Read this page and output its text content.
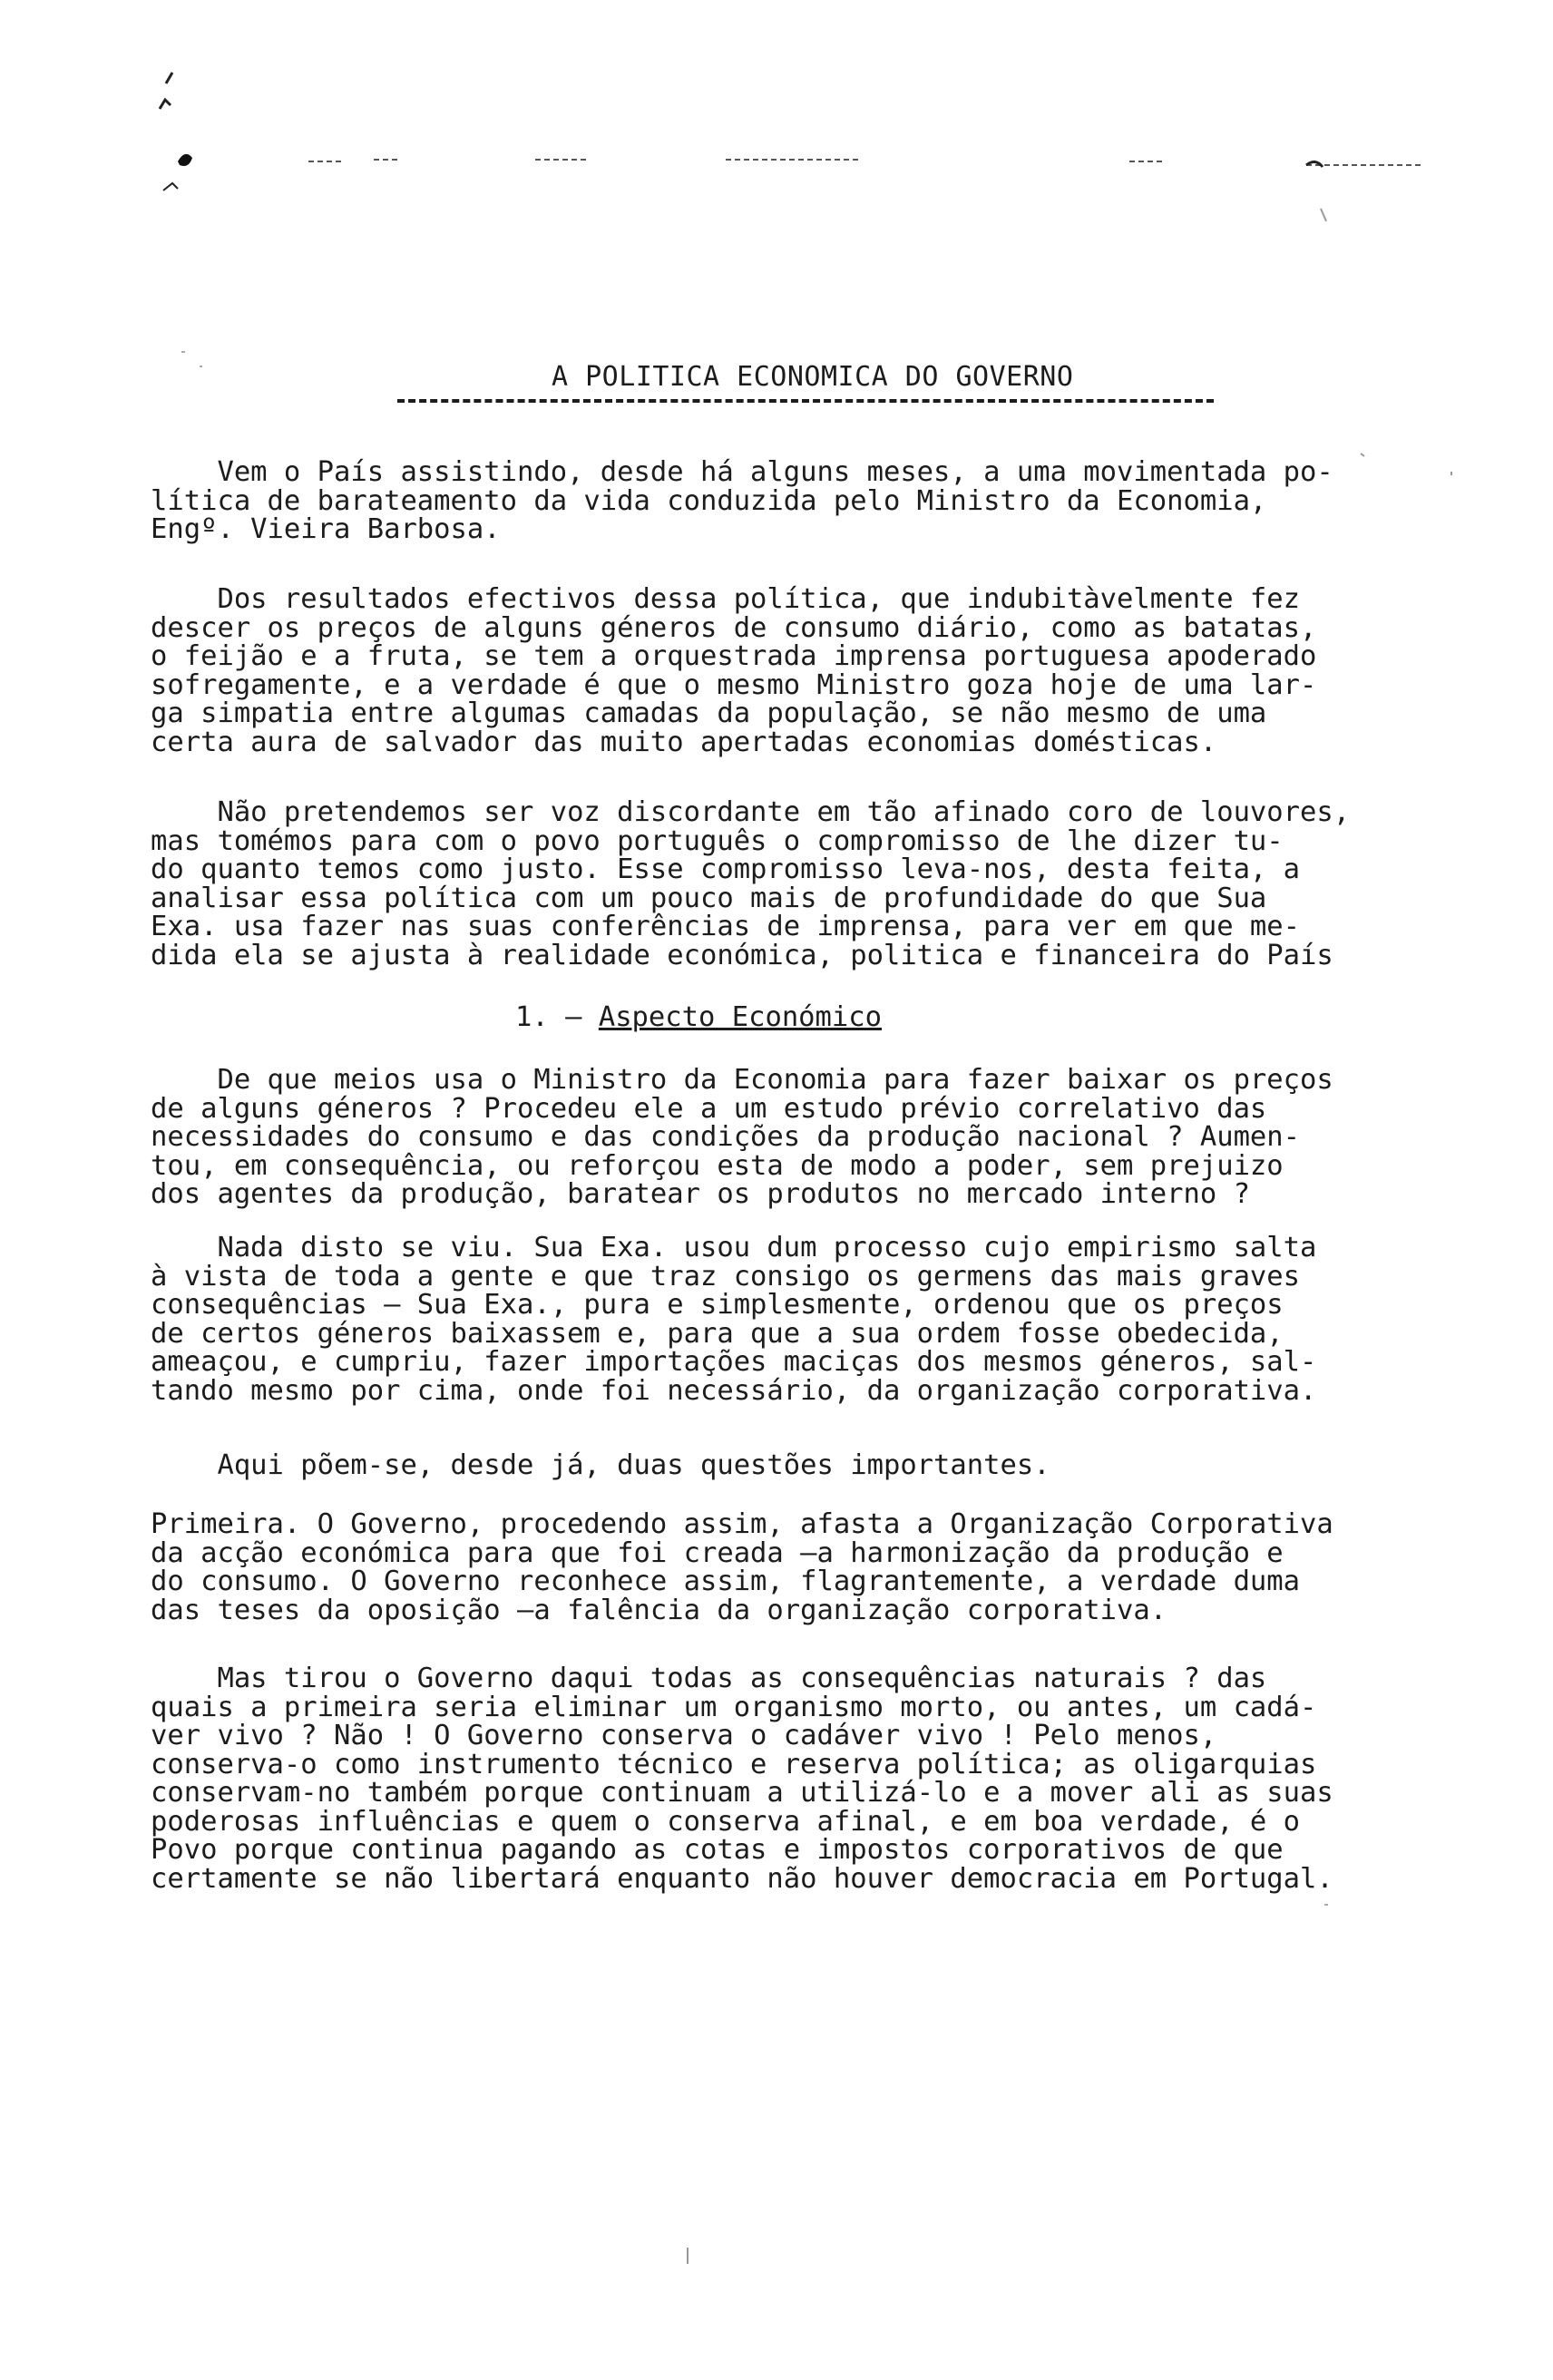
A POLITICA ECONOMICA DO GOVERNO

Vem o País assistindo, desde há alguns meses, a uma movimentada po-
lítica de barateamento da vida conduzida pelo Ministro da Economia,
Engº. Vieira Barbosa.

Dos resultados efectivos dessa política, que indubitàvelmente fez
descer os preços de alguns géneros de consumo diário, como as batatas,
o feijão e a fruta, se tem a orquestrada imprensa portuguesa apoderado
sofregamente, e a verdade é que o mesmo Ministro goza hoje de uma lar-
ga simpatia entre algumas camadas da população, se não mesmo de uma
certa aura de salvador das muito apertadas economias domésticas.

Não pretendemos ser voz discordante em tão afinado coro de louvores,
mas tomémos para com o povo português o compromisso de lhe dizer tu-
do quanto temos como justo. Esse compromisso leva-nos, desta feita, a
analisar essa política com um pouco mais de profundidade do que Sua
Exa. usa fazer nas suas conferências de imprensa, para ver em que me-
dida ela se ajusta à realidade económica, politica e financeira do País

1. — Aspecto Económico

De que meios usa o Ministro da Economia para fazer baixar os preços
de alguns géneros ? Procedeu ele a um estudo prévio correlativo das
necessidades do consumo e das condições da produção nacional ? Aumen-
tou, em consequência, ou reforçou esta de modo a poder, sem prejuizo
dos agentes da produção, baratear os produtos no mercado interno ?

Nada disto se viu. Sua Exa. usou dum processo cujo empirismo salta
à vista de toda a gente e que traz consigo os germens das mais graves
consequências — Sua Exa., pura e simplesmente, ordenou que os preços
de certos géneros baixassem e, para que a sua ordem fosse obedecida,
ameaçou, e cumpriu, fazer importações maciças dos mesmos géneros, sal-
tando mesmo por cima, onde foi necessário, da organização corporativa.

Aqui põem-se, desde já, duas questões importantes.

Primeira. O Governo, procedendo assim, afasta a Organização Corporativa
da acção económica para que foi creada —a harmonização da produção e
do consumo. O Governo reconhece assim, flagrantemente, a verdade duma
das teses da oposição —a falência da organização corporativa.

Mas tirou o Governo daqui todas as consequências naturais ? das
quais a primeira seria eliminar um organismo morto, ou antes, um cadá-
ver vivo ? Não ! O Governo conserva o cadáver vivo ! Pelo menos,
conserva-o como instrumento técnico e reserva política; as oligarquias
conservam-no também porque continuam a utilizá-lo e a mover ali as suas
poderosas influências e quem o conserva afinal, e em boa verdade, é o
Povo porque continua pagando as cotas e impostos corporativos de que
certamente se não libertará enquanto não houver democracia em Portugal.
